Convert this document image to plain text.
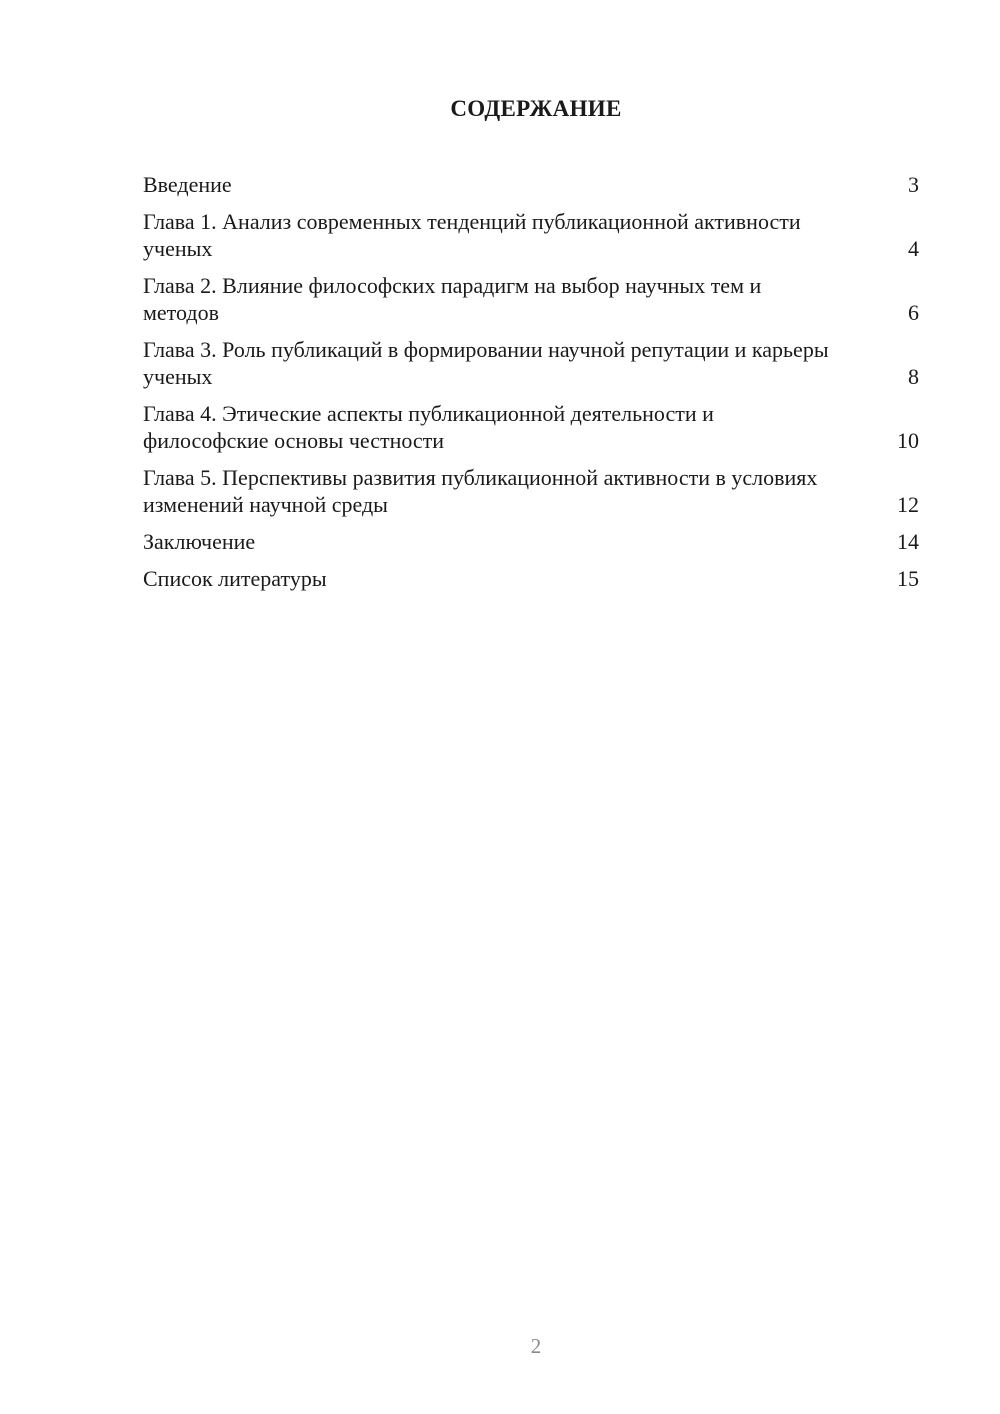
СОДЕРЖАНИЕ
Введение	3
Глава 1. Анализ современных тенденций публикационной активности ученых	4
Глава 2. Влияние философских парадигм на выбор научных тем и методов	6
Глава 3. Роль публикаций в формировании научной репутации и карьеры ученых	8
Глава 4. Этические аспекты публикационной деятельности и философские основы честности	10
Глава 5. Перспективы развития публикационной активности в условиях изменений научной среды	12
Заключение	14
Список литературы	15
2
